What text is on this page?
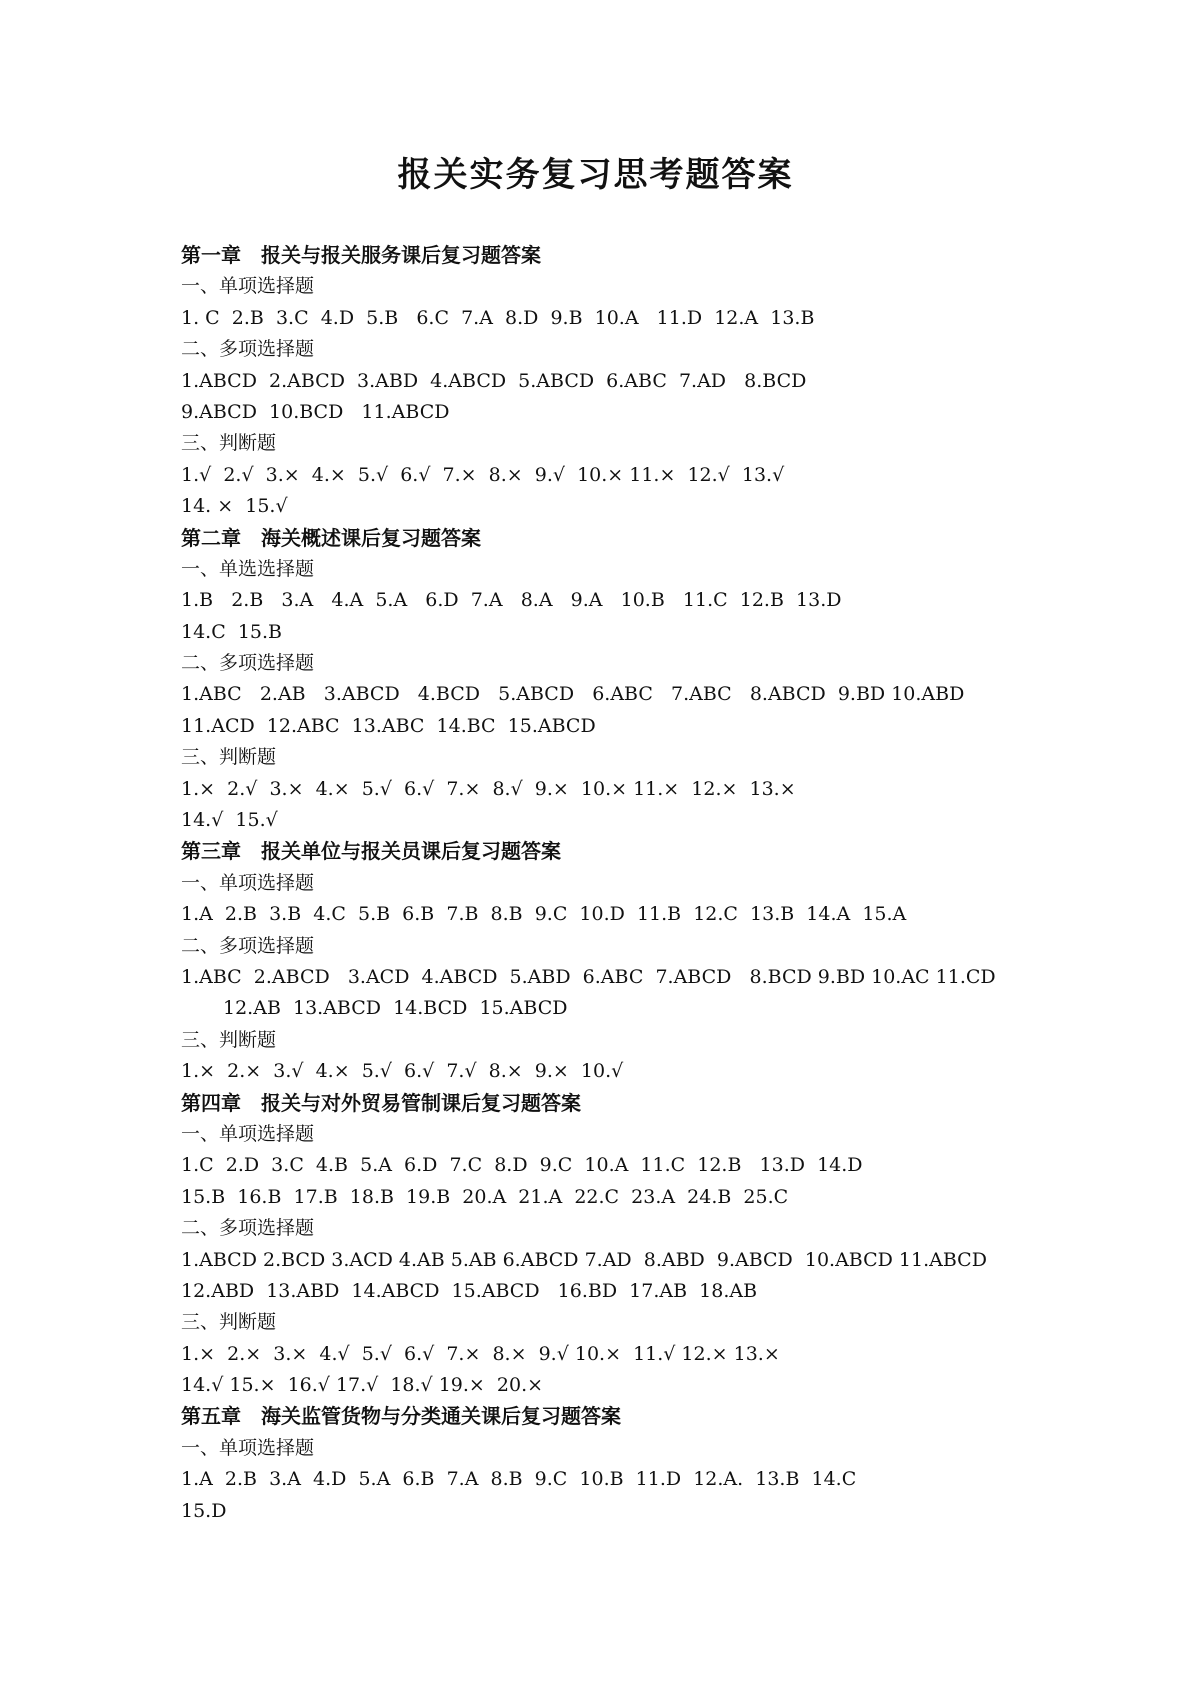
报关实务复习思考题答案
第一章　报关与报关服务课后复习题答案
一、单项选择题
1. C  2.B  3.C  4.D  5.B   6.C  7.A  8.D  9.B  10.A   11.D  12.A  13.B
二、多项选择题
1.ABCD  2.ABCD  3.ABD  4.ABCD  5.ABCD  6.ABC  7.AD   8.BCD
9.ABCD  10.BCD   11.ABCD
三、判断题
1.√  2.√  3.×  4.×  5.√  6.√  7.×  8.×  9.√  10.× 11.×  12.√  13.√
14. ×  15.√
第二章　海关概述课后复习题答案
一、单选选择题
1.B   2.B   3.A   4.A  5.A   6.D  7.A   8.A   9.A   10.B   11.C  12.B  13.D
14.C  15.B
二、多项选择题
1.ABC   2.AB   3.ABCD   4.BCD   5.ABCD   6.ABC   7.ABC   8.ABCD  9.BD 10.ABD
11.ACD  12.ABC  13.ABC  14.BC  15.ABCD
三、判断题
1.×  2.√  3.×  4.×  5.√  6.√  7.×  8.√  9.×  10.× 11.×  12.×  13.×
14.√  15.√
第三章　报关单位与报关员课后复习题答案
一、单项选择题
1.A  2.B  3.B  4.C  5.B  6.B  7.B  8.B  9.C  10.D  11.B  12.C  13.B  14.A  15.A
二、多项选择题
1.ABC  2.ABCD   3.ACD  4.ABCD  5.ABD  6.ABC  7.ABCD   8.BCD 9.BD 10.AC 11.CD
12.AB  13.ABCD  14.BCD  15.ABCD
三、判断题
1.×  2.×  3.√  4.×  5.√  6.√  7.√  8.×  9.×  10.√
第四章　报关与对外贸易管制课后复习题答案
一、单项选择题
1.C  2.D  3.C  4.B  5.A  6.D  7.C  8.D  9.C  10.A  11.C  12.B   13.D  14.D
15.B  16.B  17.B  18.B  19.B  20.A  21.A  22.C  23.A  24.B  25.C
二、多项选择题
1.ABCD 2.BCD 3.ACD 4.AB 5.AB 6.ABCD 7.AD  8.ABD  9.ABCD  10.ABCD 11.ABCD
12.ABD  13.ABD  14.ABCD  15.ABCD   16.BD  17.AB  18.AB
三、判断题
1.×  2.×  3.×  4.√  5.√  6.√  7.×  8.×  9.√ 10.×  11.√ 12.× 13.×
14.√ 15.×  16.√ 17.√  18.√ 19.×  20.×
第五章　海关监管货物与分类通关课后复习题答案
一、单项选择题
1.A  2.B  3.A  4.D  5.A  6.B  7.A  8.B  9.C  10.B  11.D  12.A.  13.B  14.C
15.D
